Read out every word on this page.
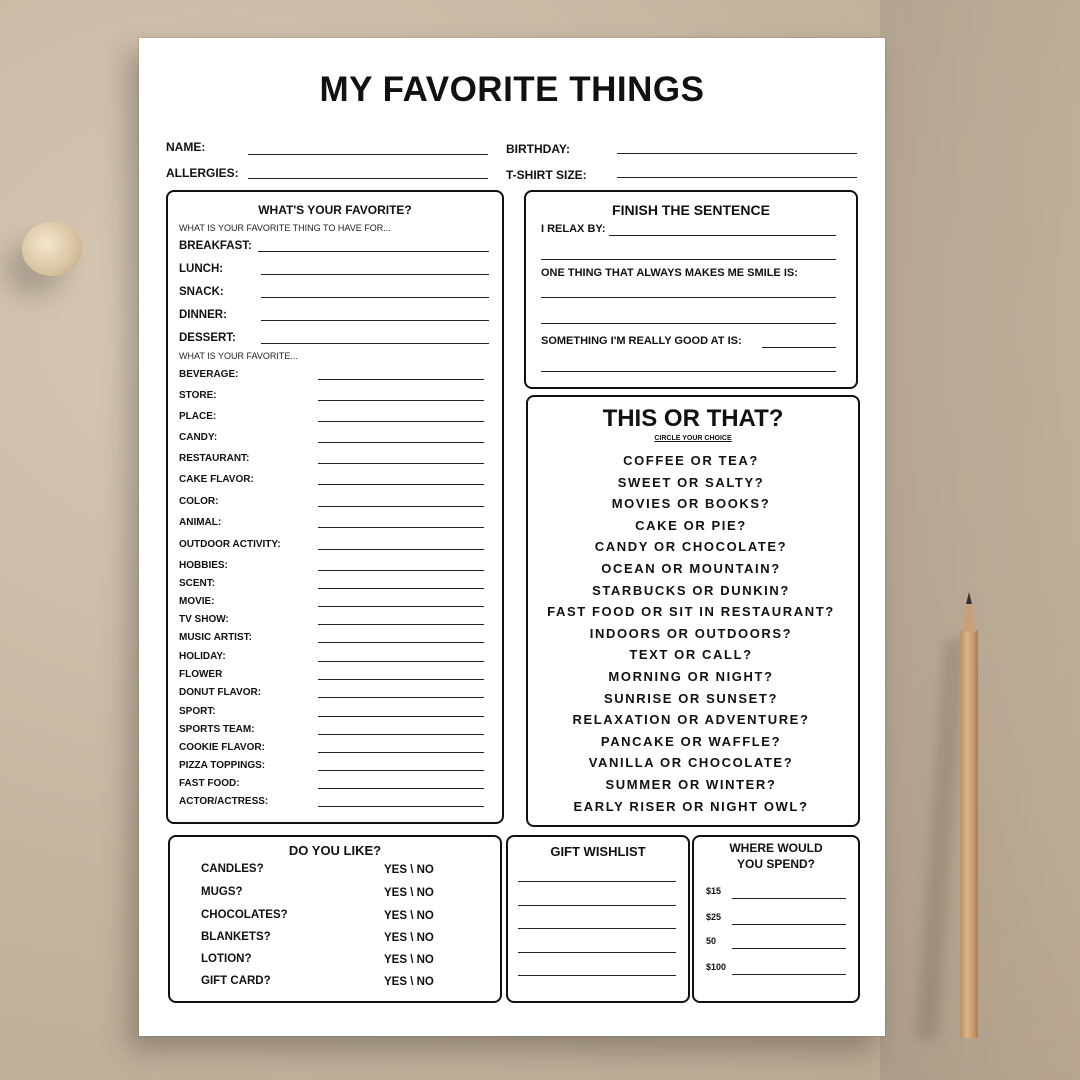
MY FAVORITE THINGS
NAME:	BIRTHDAY:
ALLERGIES:	T-SHIRT SIZE:
WHAT'S YOUR FAVORITE?
WHAT IS YOUR FAVORITE THING TO HAVE FOR...
BREAKFAST:
LUNCH:
SNACK:
DINNER:
DESSERT:
WHAT IS YOUR FAVORITE...
BEVERAGE:
STORE:
PLACE:
CANDY:
RESTAURANT:
CAKE FLAVOR:
COLOR:
ANIMAL:
OUTDOOR ACTIVITY:
HOBBIES:
SCENT:
MOVIE:
TV SHOW:
MUSIC ARTIST:
HOLIDAY:
FLOWER
DONUT FLAVOR:
SPORT:
SPORTS TEAM:
COOKIE FLAVOR:
PIZZA TOPPINGS:
FAST FOOD:
ACTOR/ACTRESS:
FINISH THE SENTENCE
I RELAX BY:
ONE THING THAT ALWAYS MAKES ME SMILE IS:
SOMETHING I'M REALLY GOOD AT IS:
THIS OR THAT?
CIRCLE YOUR CHOICE
COFFEE OR TEA?
SWEET OR SALTY?
MOVIES OR BOOKS?
CAKE OR PIE?
CANDY OR CHOCOLATE?
OCEAN OR MOUNTAIN?
STARBUCKS OR DUNKIN?
FAST FOOD OR SIT IN RESTAURANT?
INDOORS OR OUTDOORS?
TEXT OR CALL?
MORNING OR NIGHT?
SUNRISE OR SUNSET?
RELAXATION OR ADVENTURE?
PANCAKE OR WAFFLE?
VANILLA OR CHOCOLATE?
SUMMER OR WINTER?
EARLY RISER OR NIGHT OWL?
DO YOU LIKE?
CANDLES?	YES \ NO
MUGS?	YES \ NO
CHOCOLATES?	YES \ NO
BLANKETS?	YES \ NO
LOTION?	YES \ NO
GIFT CARD?	YES \ NO
GIFT WISHLIST	WHERE WOULD
YOU SPEND?
$15
$25
50
$100
